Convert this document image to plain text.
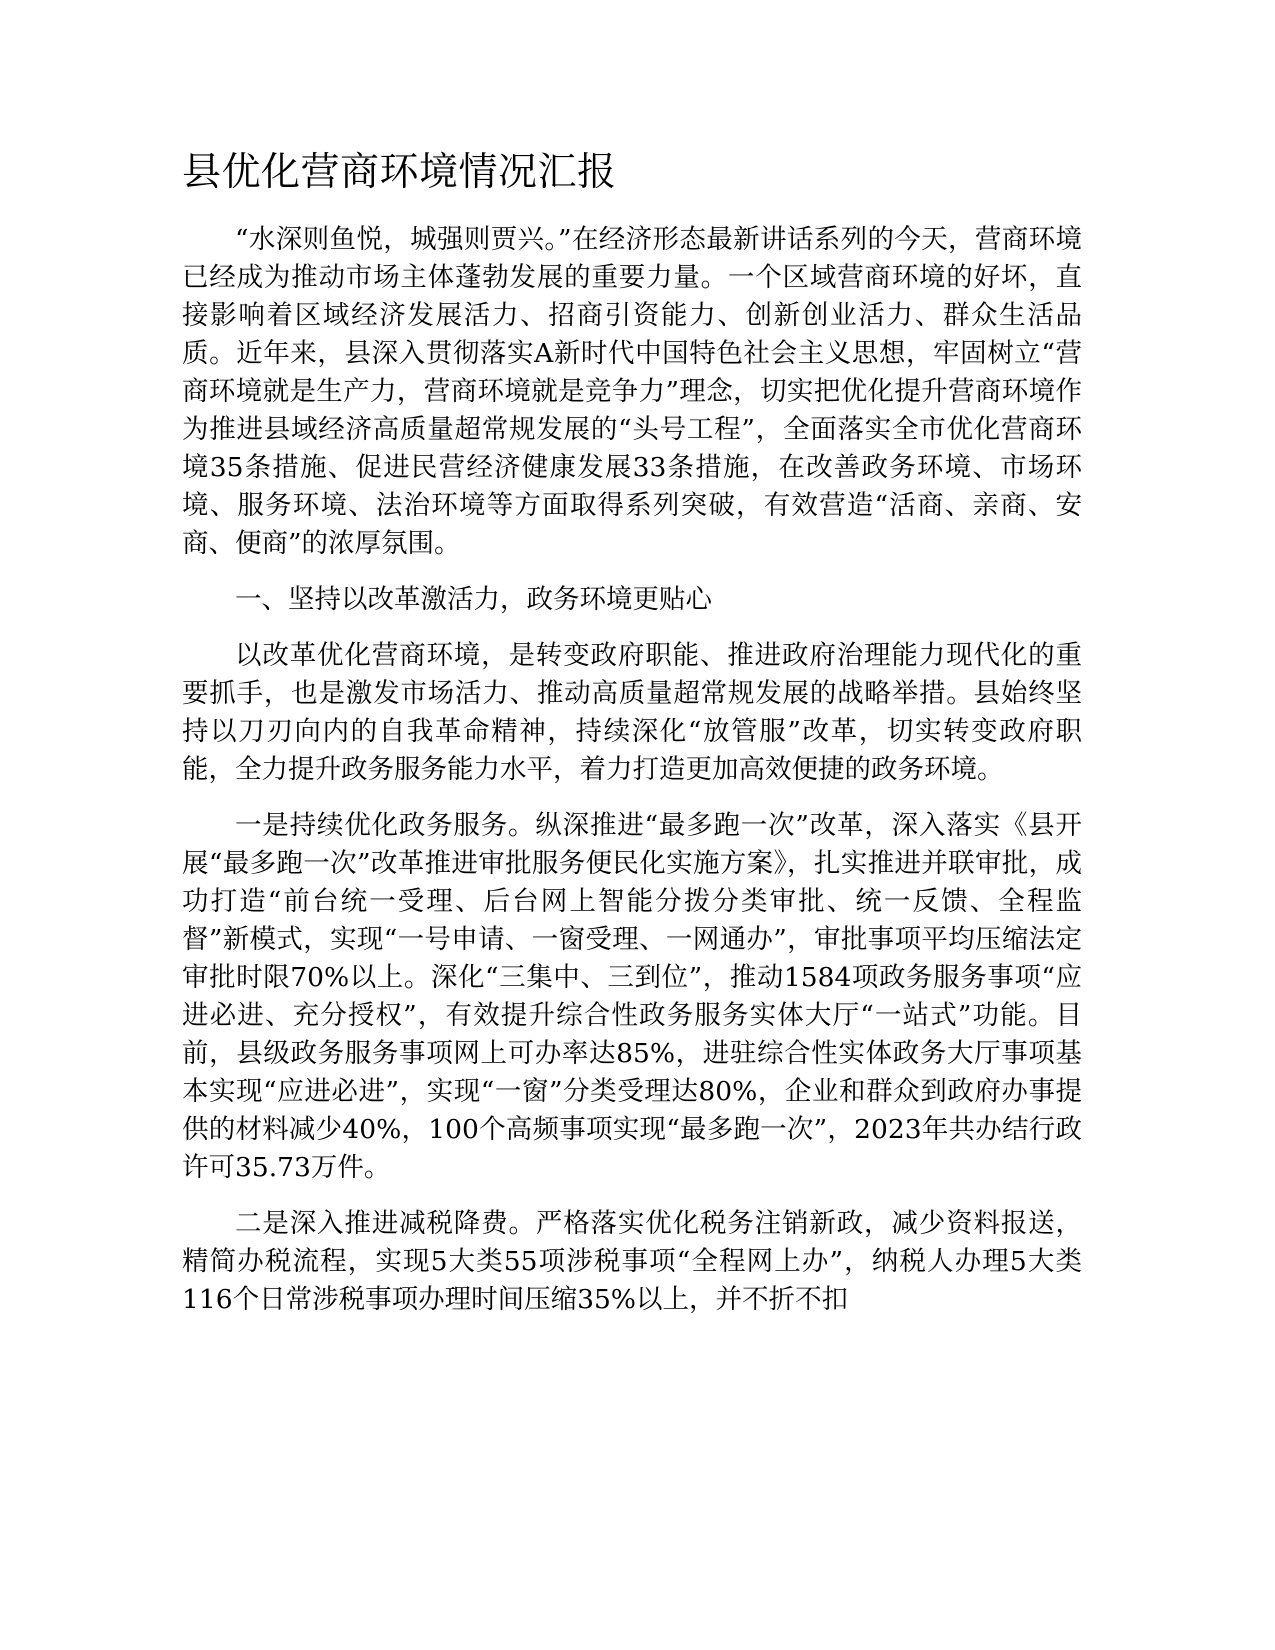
县优化营商环境情况汇报

“水深则鱼悦，城强则贾兴。”在经济形态最新讲话系列的今天，营商环境已经成为推动市场主体蓬勃发展的重要力量。一个区域营商环境的好坏，直接影响着区域经济发展活力、招商引资能力、创新创业活力、群众生活品质。近年来，县深入贯彻落实A新时代中国特色社会主义思想，牢固树立“营商环境就是生产力，营商环境就是竞争力”理念，切实把优化提升营商环境作为推进县域经济高质量超常规发展的“头号工程”，全面落实全市优化营商环境35条措施、促进民营经济健康发展33条措施，在改善政务环境、市场环境、服务环境、法治环境等方面取得系列突破，有效营造“活商、亲商、安商、便商”的浓厚氛围。

一、坚持以改革激活力，政务环境更贴心

以改革优化营商环境，是转变政府职能、推进政府治理能力现代化的重要抓手，也是激发市场活力、推动高质量超常规发展的战略举措。县始终坚持以刀刃向内的自我革命精神，持续深化“放管服”改革，切实转变政府职能，全力提升政务服务能力水平，着力打造更加高效便捷的政务环境。

一是持续优化政务服务。纵深推进“最多跑一次”改革，深入落实《县开展“最多跑一次”改革推进审批服务便民化实施方案》，扎实推进并联审批，成功打造“前台统一受理、后台网上智能分拨分类审批、统一反馈、全程监督”新模式，实现“一号申请、一窗受理、一网通办”，审批事项平均压缩法定审批时限70%以上。深化“三集中、三到位”，推动1584项政务服务事项“应进必进、充分授权”，有效提升综合性政务服务实体大厅“一站式”功能。目前，县级政务服务事项网上可办率达85%，进驻综合性实体政务大厅事项基本实现“应进必进”，实现“一窗”分类受理达80%，企业和群众到政府办事提供的材料减少40%，100个高频事项实现“最多跑一次”，2023年共办结行政许可35.73万件。

二是深入推进减税降费。严格落实优化税务注销新政，减少资料报送，精简办税流程，实现5大类55项涉税事项“全程网上办”，纳税人办理5大类116个日常涉税事项办理时间压缩35%以上，并不折不扣
